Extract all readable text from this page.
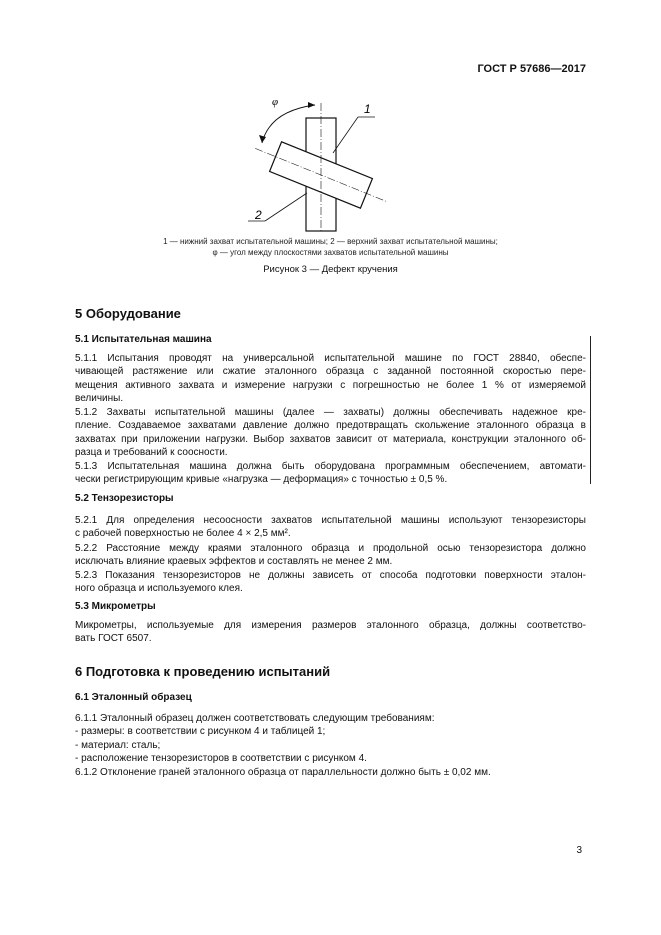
ГОСТ Р 57686—2017
1
2
φ
1 — нижний захват испытательной машины; 2 — верхний захват испытательной машины;
φ — угол между плоскостями захватов испытательной машины
Рисунок 3 — Дефект кручения
5 Оборудование
5.1 Испытательная машина
5.1.1 Испытания проводят на универсальной испытательной машине по ГОСТ 28840, обеспе-
чивающей растяжение или сжатие эталонного образца с заданной постоянной скоростью пере-
мещения активного захвата и измерение нагрузки с погрешностью не более 1 % от измеряемой
величины.
5.1.2 Захваты испытательной машины (далее — захваты) должны обеспечивать надежное кре-
пление. Создаваемое захватами давление должно предотвращать скольжение эталонного образца в
захватах при приложении нагрузки. Выбор захватов зависит от материала, конструкции эталонного об-
разца и требований к соосности.
5.1.3 Испытательная машина должна быть оборудована программным обеспечением, автомати-
чески регистрирующим кривые «нагрузка — деформация» с точностью ± 0,5 %.
5.2 Тензорезисторы
5.2.1 Для определения несоосности захватов испытательной машины используют тензорезисторы
с рабочей поверхностью не более 4 × 2,5 мм².
5.2.2 Расстояние между краями эталонного образца и продольной осью тензорезистора должно
исключать влияние краевых эффектов и составлять не менее 2 мм.
5.2.3 Показания тензорезисторов не должны зависеть от способа подготовки поверхности эталон-
ного образца и используемого клея.
5.3 Микрометры
Микрометры, используемые для измерения размеров эталонного образца, должны соответство-
вать ГОСТ 6507.
6 Подготовка к проведению испытаний
6.1 Эталонный образец
6.1.1 Эталонный образец должен соответствовать следующим требованиям:
- размеры: в соответствии с рисунком 4 и таблицей 1;
- материал: сталь;
- расположение тензорезисторов в соответствии с рисунком 4.
6.1.2 Отклонение граней эталонного образца от параллельности должно быть ± 0,02 мм.
3
